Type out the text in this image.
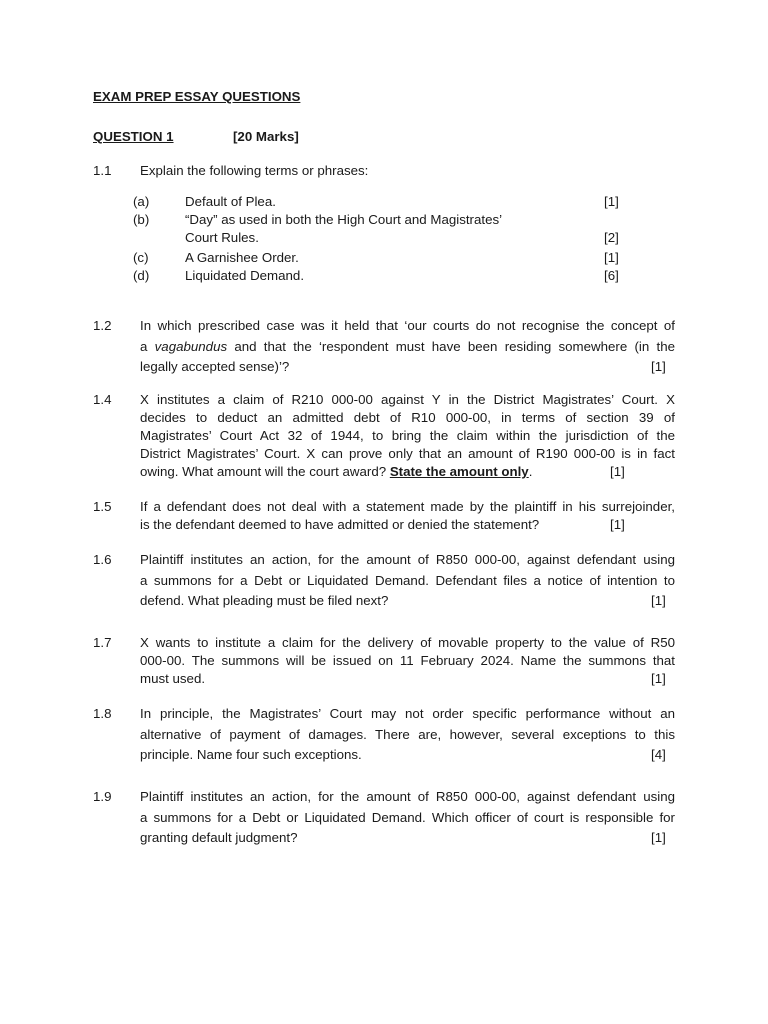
EXAM PREP ESSAY QUESTIONS
QUESTION 1	[20 Marks]
1.1 Explain the following terms or phrases:
(a)	Default of Plea.	[1]
(b)	“Day” as used in both the High Court and Magistrates’
Court Rules.	[2]
(c)	A Garnishee Order.	[1]
(d)	Liquidated Demand.	[6]
1.2 In which prescribed case was it held that ‘our courts do not recognise the concept of
a vagabundus and that the ‘respondent must have been residing somewhere (in the
legally accepted sense)’?	[1]
1.4 X institutes a claim of R210 000-00 against Y in the District Magistrates’ Court. X
decides to deduct an admitted debt of R10 000-00, in terms of section 39 of
Magistrates’ Court Act 32 of 1944, to bring the claim within the jurisdiction of the
District Magistrates’ Court. X can prove only that an amount of R190 000-00 is in fact
owing. What amount will the court award? State the amount only.	[1]
1.5 If a defendant does not deal with a statement made by the plaintiff in his surrejoinder,
is the defendant deemed to have admitted or denied the statement?	[1]
1.6 Plaintiff institutes an action, for the amount of R850 000-00, against defendant using
a summons for a Debt or Liquidated Demand. Defendant files a notice of intention to
defend. What pleading must be filed next?	[1]
1.7 X wants to institute a claim for the delivery of movable property to the value of R50
000-00. The summons will be issued on 11 February 2024. Name the summons that
must used.	[1]
1.8 In principle, the Magistrates’ Court may not order specific performance without an
alternative of payment of damages. There are, however, several exceptions to this
principle. Name four such exceptions.	[4]
1.9 Plaintiff institutes an action, for the amount of R850 000-00, against defendant using
a summons for a Debt or Liquidated Demand. Which officer of court is responsible for
granting default judgment?	[1]
